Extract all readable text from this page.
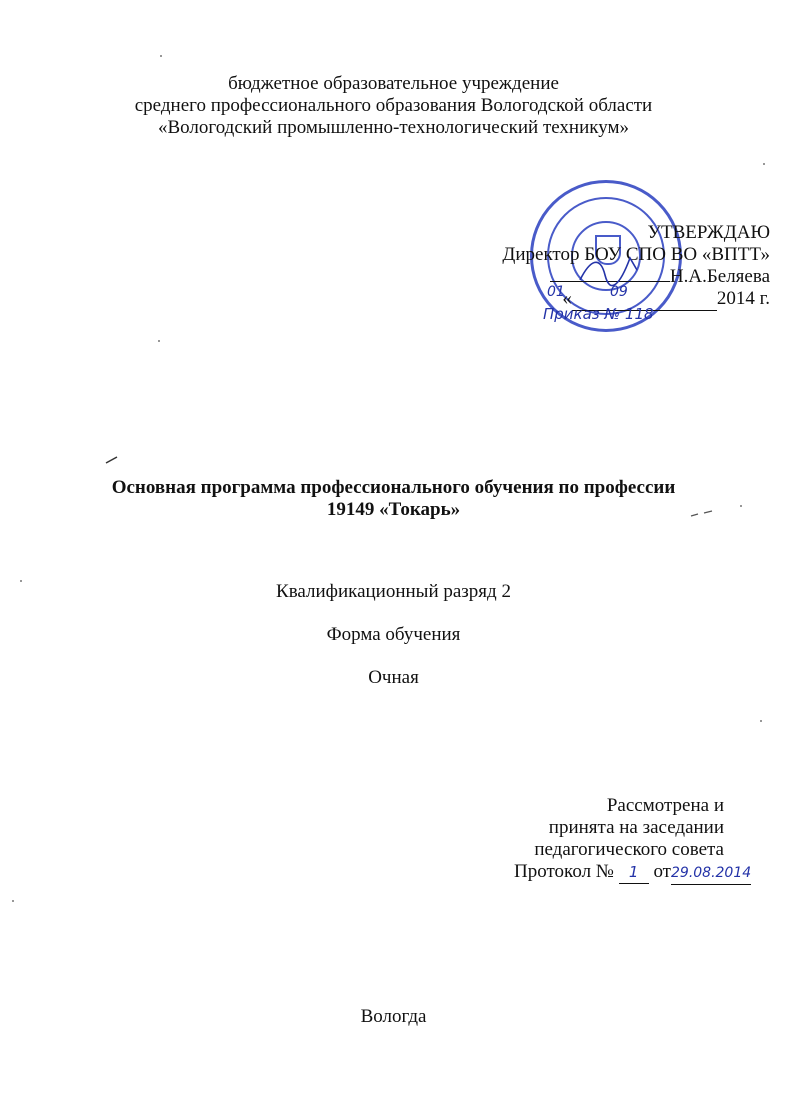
бюджетное образовательное учреждение
среднего профессионального образования Вологодской области
«Вологодский промышленно-технологический техникум»
УТВЕРЖДАЮ
Директор БОУ СПО ВО «ВПТТ»
Н.А.Беляева
«	2014 г.
01	09
Приказ № 118
Основная программа профессионального обучения по профессии
19149 «Токарь»
Квалификационный разряд 2
Форма обучения
Очная
Рассмотрена и
принята на заседании
педагогического совета
Протокол № 1 от29.08.2014
Вологда
